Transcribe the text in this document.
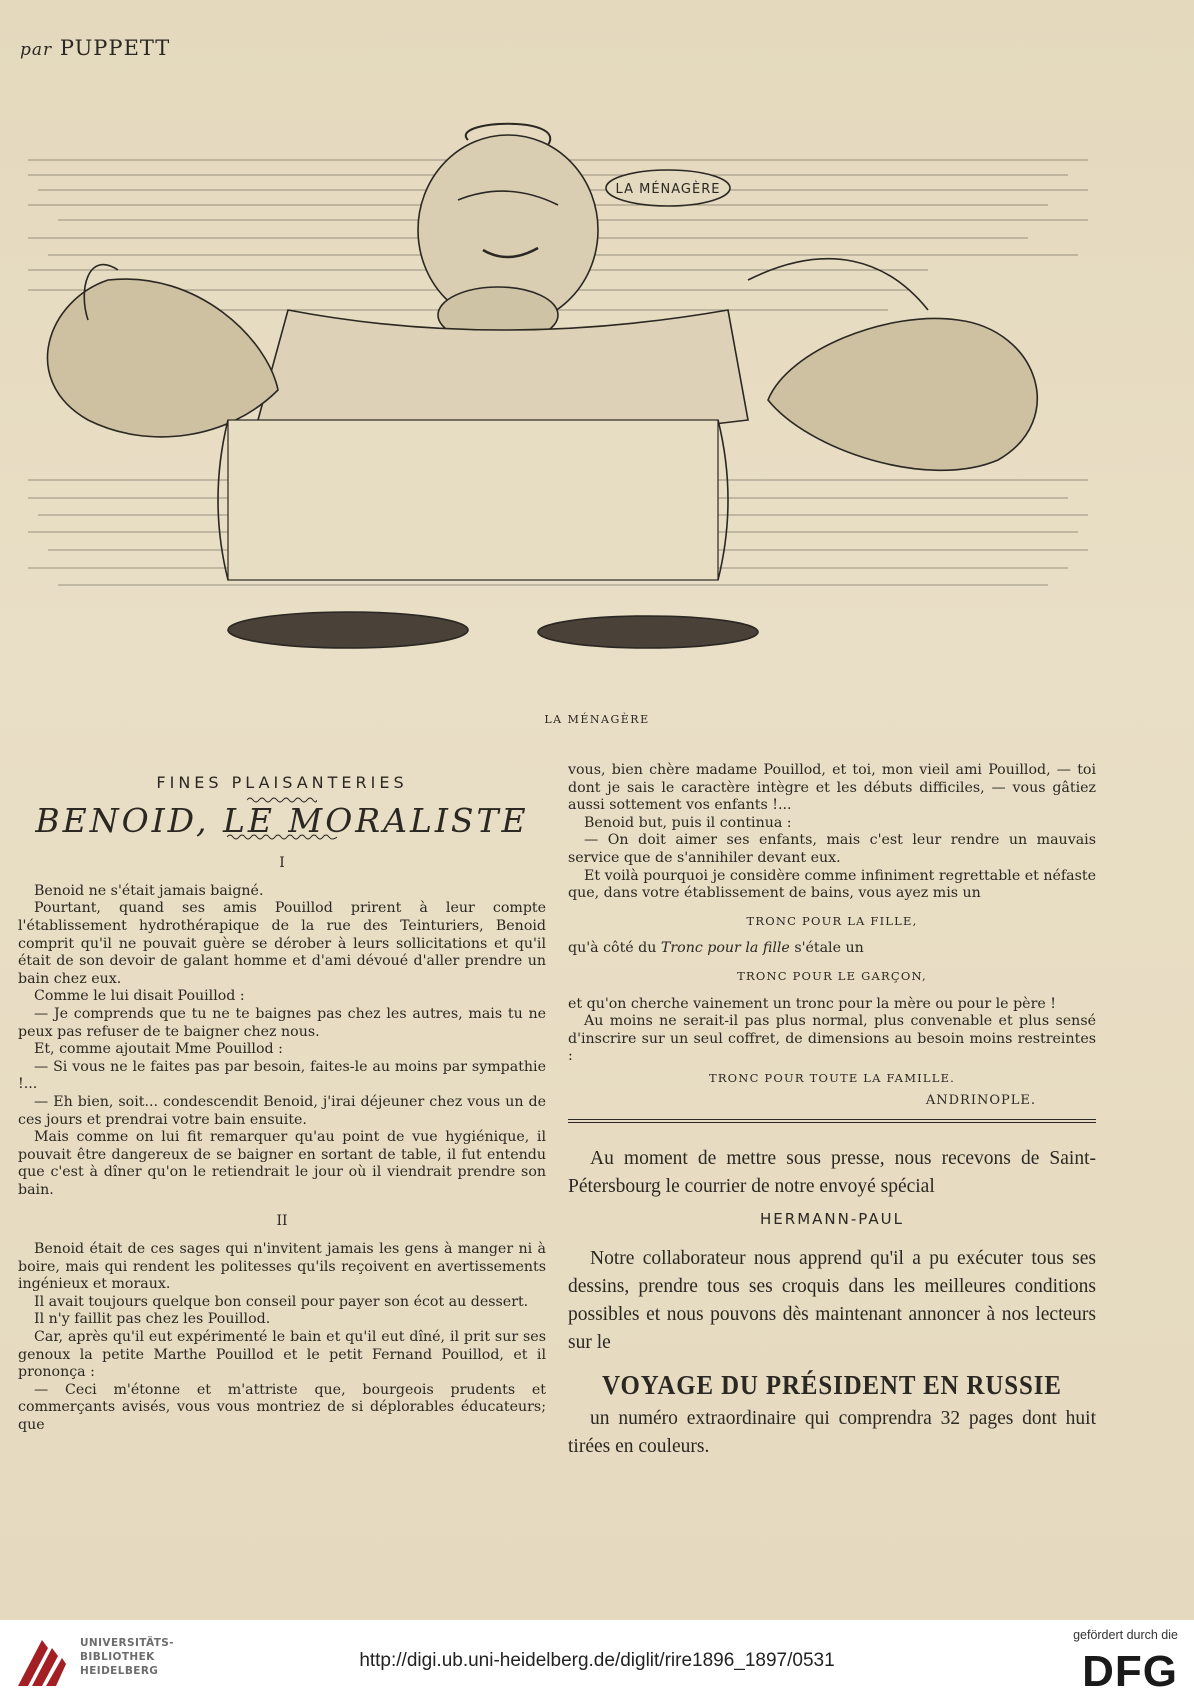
par PUPPETT
LA MÉNAGÈRE
LA MÉNAGÈRE
FINES PLAISANTERIES
BENOID, LE MORALISTE
I

Benoid ne s'était jamais baigné.

Pourtant, quand ses amis Pouillod prirent à leur compte l'établissement hydrothérapique de la rue des Teinturiers, Benoid comprit qu'il ne pouvait guère se dérober à leurs sollicitations et qu'il était de son devoir de galant homme et d'ami dévoué d'aller prendre un bain chez eux.

Comme le lui disait Pouillod :

— Je comprends que tu ne te baignes pas chez les autres, mais tu ne peux pas refuser de te baigner chez nous.

Et, comme ajoutait Mme Pouillod :

— Si vous ne le faites pas par besoin, faites-le au moins par sympathie !...

— Eh bien, soit... condescendit Benoid, j'irai déjeuner chez vous un de ces jours et prendrai votre bain ensuite.

Mais comme on lui fit remarquer qu'au point de vue hygiénique, il pouvait être dangereux de se baigner en sortant de table, il fut entendu que c'est à dîner qu'on le retiendrait le jour où il viendrait prendre son bain.

II

Benoid était de ces sages qui n'invitent jamais les gens à manger ni à boire, mais qui rendent les politesses qu'ils reçoivent en avertissements ingénieux et moraux.

Il avait toujours quelque bon conseil pour payer son écot au dessert.

Il n'y faillit pas chez les Pouillod.

Car, après qu'il eut expérimenté le bain et qu'il eut dîné, il prit sur ses genoux la petite Marthe Pouillod et le petit Fernand Pouillod, et il prononça :

— Ceci m'étonne et m'attriste que, bourgeois prudents et commerçants avisés, vous vous montriez de si déplorables éducateurs; que

vous, bien chère madame Pouillod, et toi, mon vieil ami Pouillod, — toi dont je sais le caractère intègre et les débuts difficiles, — vous gâtiez aussi sottement vos enfants !...

Benoid but, puis il continua :

— On doit aimer ses enfants, mais c'est leur rendre un mauvais service que de s'annihiler devant eux.

Et voilà pourquoi je considère comme infiniment regrettable et néfaste que, dans votre établissement de bains, vous ayez mis un

TRONC POUR LA FILLE,

qu'à côté du Tronc pour la fille s'étale un

TRONC POUR LE GARÇON,

et qu'on cherche vainement un tronc pour la mère ou pour le père !

Au moins ne serait-il pas plus normal, plus convenable et plus sensé d'inscrire sur un seul coffret, de dimensions au besoin moins restreintes :

TRONC POUR TOUTE LA FAMILLE.
ANDRINOPLE.

Au moment de mettre sous presse, nous recevons de Saint-Pétersbourg le courrier de notre envoyé spécial

HERMANN-PAUL

Notre collaborateur nous apprend qu'il a pu exécuter tous ses dessins, prendre tous ses croquis dans les meilleures conditions possibles et nous pouvons dès maintenant annoncer à nos lecteurs sur le

VOYAGE DU PRÉSIDENT EN RUSSIE

un numéro extraordinaire qui comprendra 32 pages dont huit tirées en couleurs.

UNIVERSITÄTS-
BIBLIOTHEK
HEIDELBERG	http://digi.ub.uni-heidelberg.de/diglit/rire1896_1897/0531
gefördert durch die
DFG
